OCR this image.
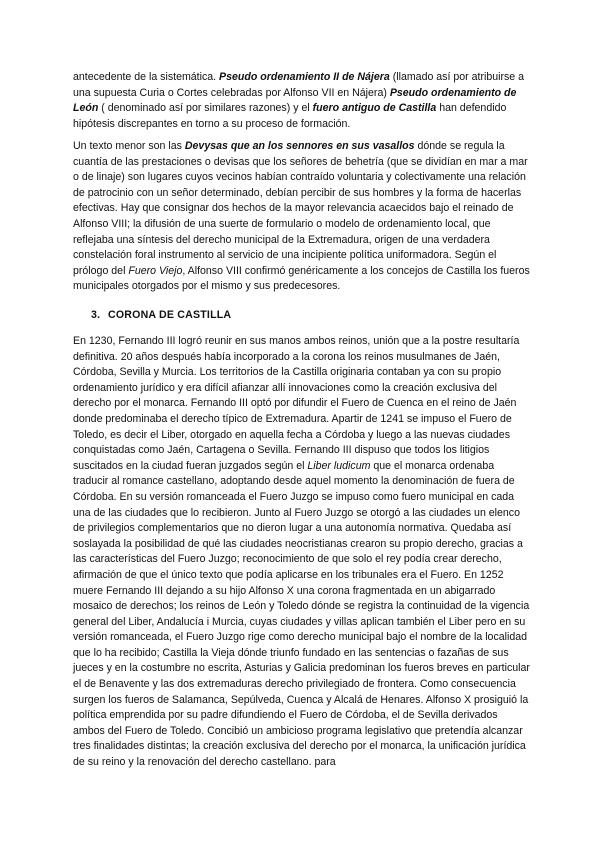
antecedente de la sistemática. Pseudo ordenamiento II de Nájera (llamado así por atribuirse a una supuesta Curia o Cortes celebradas por Alfonso VII en Nájera) Pseudo ordenamiento de León ( denominado así por similares razones) y el fuero antiguo de Castilla han defendido hipótesis discrepantes en torno a su proceso de formación.

Un texto menor son las Devysas que an los sennores en sus vasallos dónde se regula la cuantía de las prestaciones o devisas que los señores de behetría (que se dividían en mar a mar o de linaje) son lugares cuyos vecinos habían contraído voluntaria y colectivamente una relación de patrocinio con un señor determinado, debían percibir de sus hombres y la forma de hacerlas efectivas. Hay que consignar dos hechos de la mayor relevancia acaecidos bajo el reinado de Alfonso VIII; la difusión de una suerte de formulario o modelo de ordenamiento local, que reflejaba una síntesis del derecho municipal de la Extremadura, origen de una verdadera constelación foral instrumento al servicio de una incipiente política uniformadora. Según el prólogo del Fuero Viejo, Alfonso VIII confirmó genéricamente a los concejos de Castilla los fueros municipales otorgados por el mismo y sus predecesores.

3. CORONA DE CASTILLA

En 1230, Fernando III logró reunir en sus manos ambos reinos, unión que a la postre resultaría definitiva. 20 años después había incorporado a la corona los reinos musulmanes de Jaén, Córdoba, Sevilla y Murcia. Los territorios de la Castilla originaria contaban ya con su propio ordenamiento jurídico y era difícil afianzar allí innovaciones como la creación exclusiva del derecho por el monarca. Fernando III optó por difundir el Fuero de Cuenca en el reino de Jaén donde predominaba el derecho típico de Extremadura. Apartir de 1241 se impuso el Fuero de Toledo, es decir el Liber, otorgado en aquella fecha a Córdoba y luego a las nuevas ciudades conquistadas como Jaén, Cartagena o Sevilla. Fernando III dispuso que todos los litigios suscitados en la ciudad fueran juzgados según el Liber ludicum que el monarca ordenaba traducir al romance castellano, adoptando desde aquel momento la denominación de fuera de Córdoba. En su versión romanceada el Fuero Juzgo se impuso como fuero municipal en cada una de las ciudades que lo recibieron. Junto al Fuero Juzgo se otorgó a las ciudades un elenco de privilegios complementarios que no dieron lugar a una autonomía normativa. Quedaba así soslayada la posibilidad de qué las ciudades neocristianas crearon su propio derecho, gracias a las características del Fuero Juzgo; reconocimiento de que solo el rey podía crear derecho, afirmación de que el único texto que podía aplicarse en los tribunales era el Fuero. En 1252 muere Fernando III dejando a su hijo Alfonso X una corona fragmentada en un abigarrado mosaico de derechos; los reinos de León y Toledo dónde se registra la continuidad de la vigencia general del Liber, Andalucía i Murcia, cuyas ciudades y villas aplican también el Liber pero en su versión romanceada, el Fuero Juzgo rige como derecho municipal bajo el nombre de la localidad que lo ha recibido; Castilla la Vieja dónde triunfo fundado en las sentencias o fazañas de sus jueces y en la costumbre no escrita, Asturias y Galicia predominan los fueros breves en particular el de Benavente y las dos extremaduras derecho privilegiado de frontera. Como consecuencia surgen los fueros de Salamanca, Sepúlveda, Cuenca y Alcalá de Henares. Alfonso X prosiguió la política emprendida por su padre difundiendo el Fuero de Córdoba, el de Sevilla derivados ambos del Fuero de Toledo. Concibió un ambicioso programa legislativo que pretendía alcanzar tres finalidades distintas; la creación exclusiva del derecho por el monarca, la unificación jurídica de su reino y la renovación del derecho castellano. para
